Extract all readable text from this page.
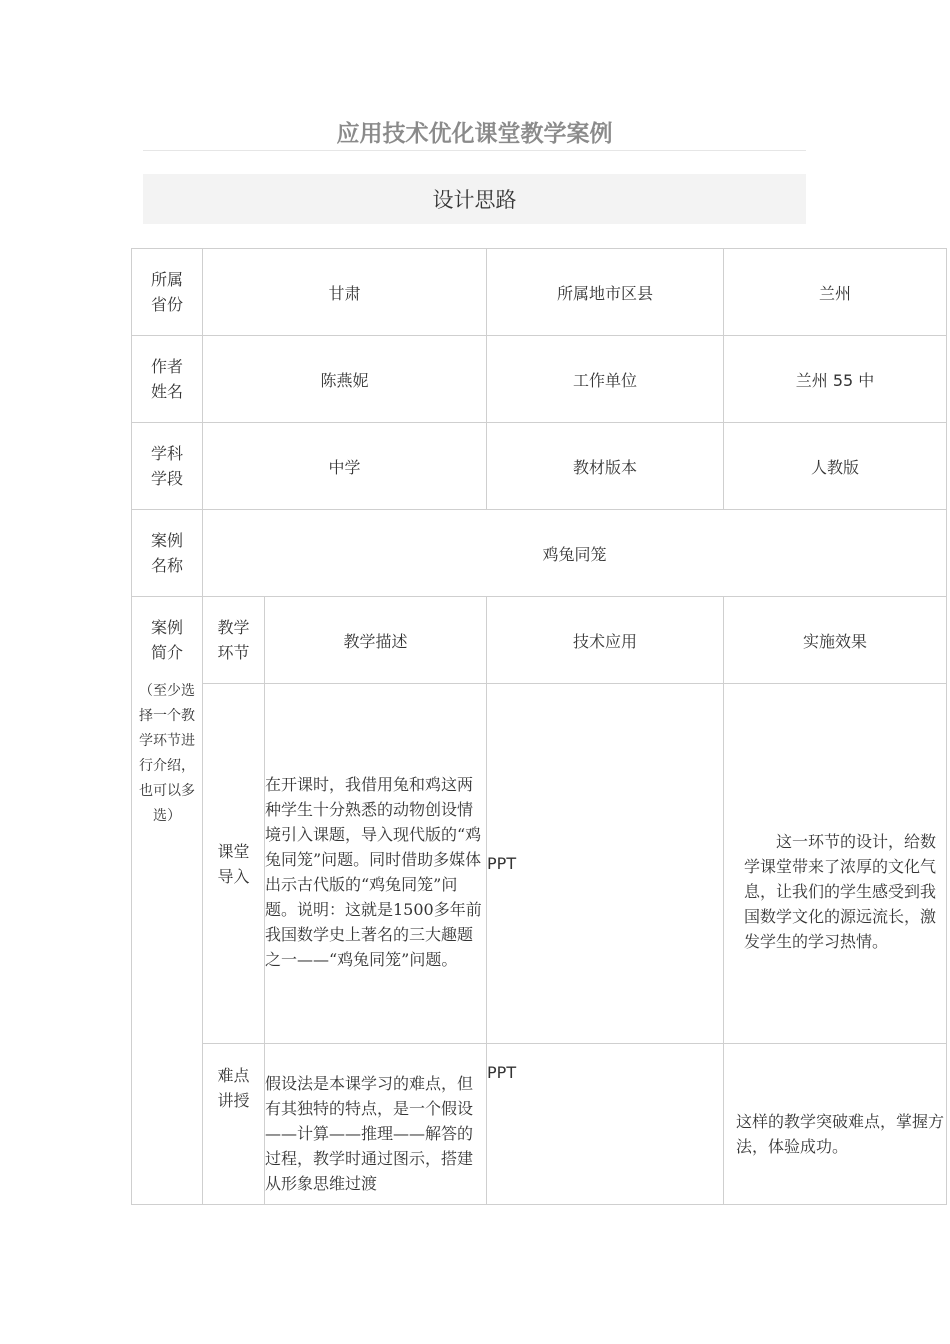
应用技术优化课堂教学案例
设计思路
所属省份	甘肃		所属地市区县	兰州

作者姓名	陈燕妮		工作单位	兰州 55 中

学科学段	中学		教材版本	人教版

案例名称	鸡兔同笼			

案例简介
（至少选择一个教学环节进行介绍，也可以多选）	教学环节	教学描述	技术应用	实施效果

	课堂导入	在开课时，我借用兔和鸡这两种学生十分熟悉的动物创设情境引入课题，导入现代版的“鸡兔同笼”问题。同时借助多媒体出示古代版的“鸡兔同笼”问题。说明：这就是1500多年前我国数学史上著名的三大趣题之一——“鸡兔同笼”问题。	PPT	这一环节的设计，给数学课堂带来了浓厚的文化气息，让我们的学生感受到我国数学文化的源远流长，激发学生的学习热情。

	难点讲授	假设法是本课学习的难点，但有其独特的特点，是一个假设——计算——推理——解答的过程，教学时通过图示，搭建从形象思维过渡	PPT	这样的教学突破难点，掌握方法，体验成功。
